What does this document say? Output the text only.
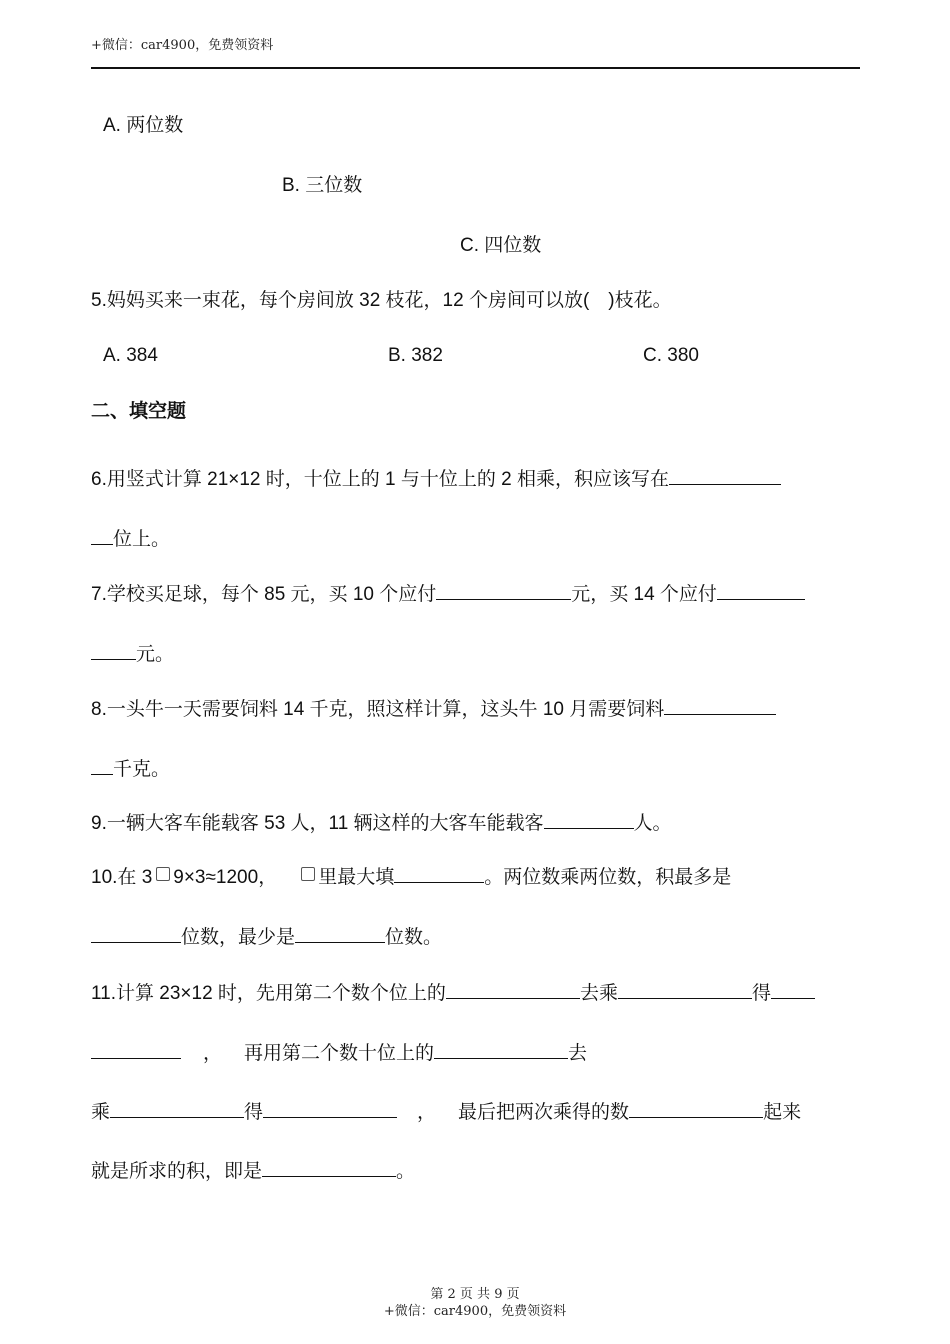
+微信：car4900，免费领资料
A. 两位数
B. 三位数
C. 四位数
5.妈妈买来一束花，每个房间放 32 枝花，12 个房间可以放(　)枝花。
A. 384	B. 382	C. 380
二、填空题
6.用竖式计算 21×12 时，十位上的 1 与十位上的 2 相乘，积应该写在
位上。
7.学校买足球，每个 85 元，买 10 个应付	元，买 14 个应付
元。
8.一头牛一天需要饲料 14 千克，照这样计算，这头牛 10 月需要饲料
千克。
9.一辆大客车能载客 53 人，11 辆这样的大客车能载客	人。
10.在 3 9×3≈1200， 里最大填	。两位数乘两位数，积最多是
位数，最少是	位数。
11.计算 23×12 时，先用第二个数个位上的	去乘	得
， 再用第二个数十位上的	去
乘	得	， 最后把两次乘得的数	起来
就是所求的积，即是	。
第 2 页 共 9 页
+微信：car4900，免费领资料
